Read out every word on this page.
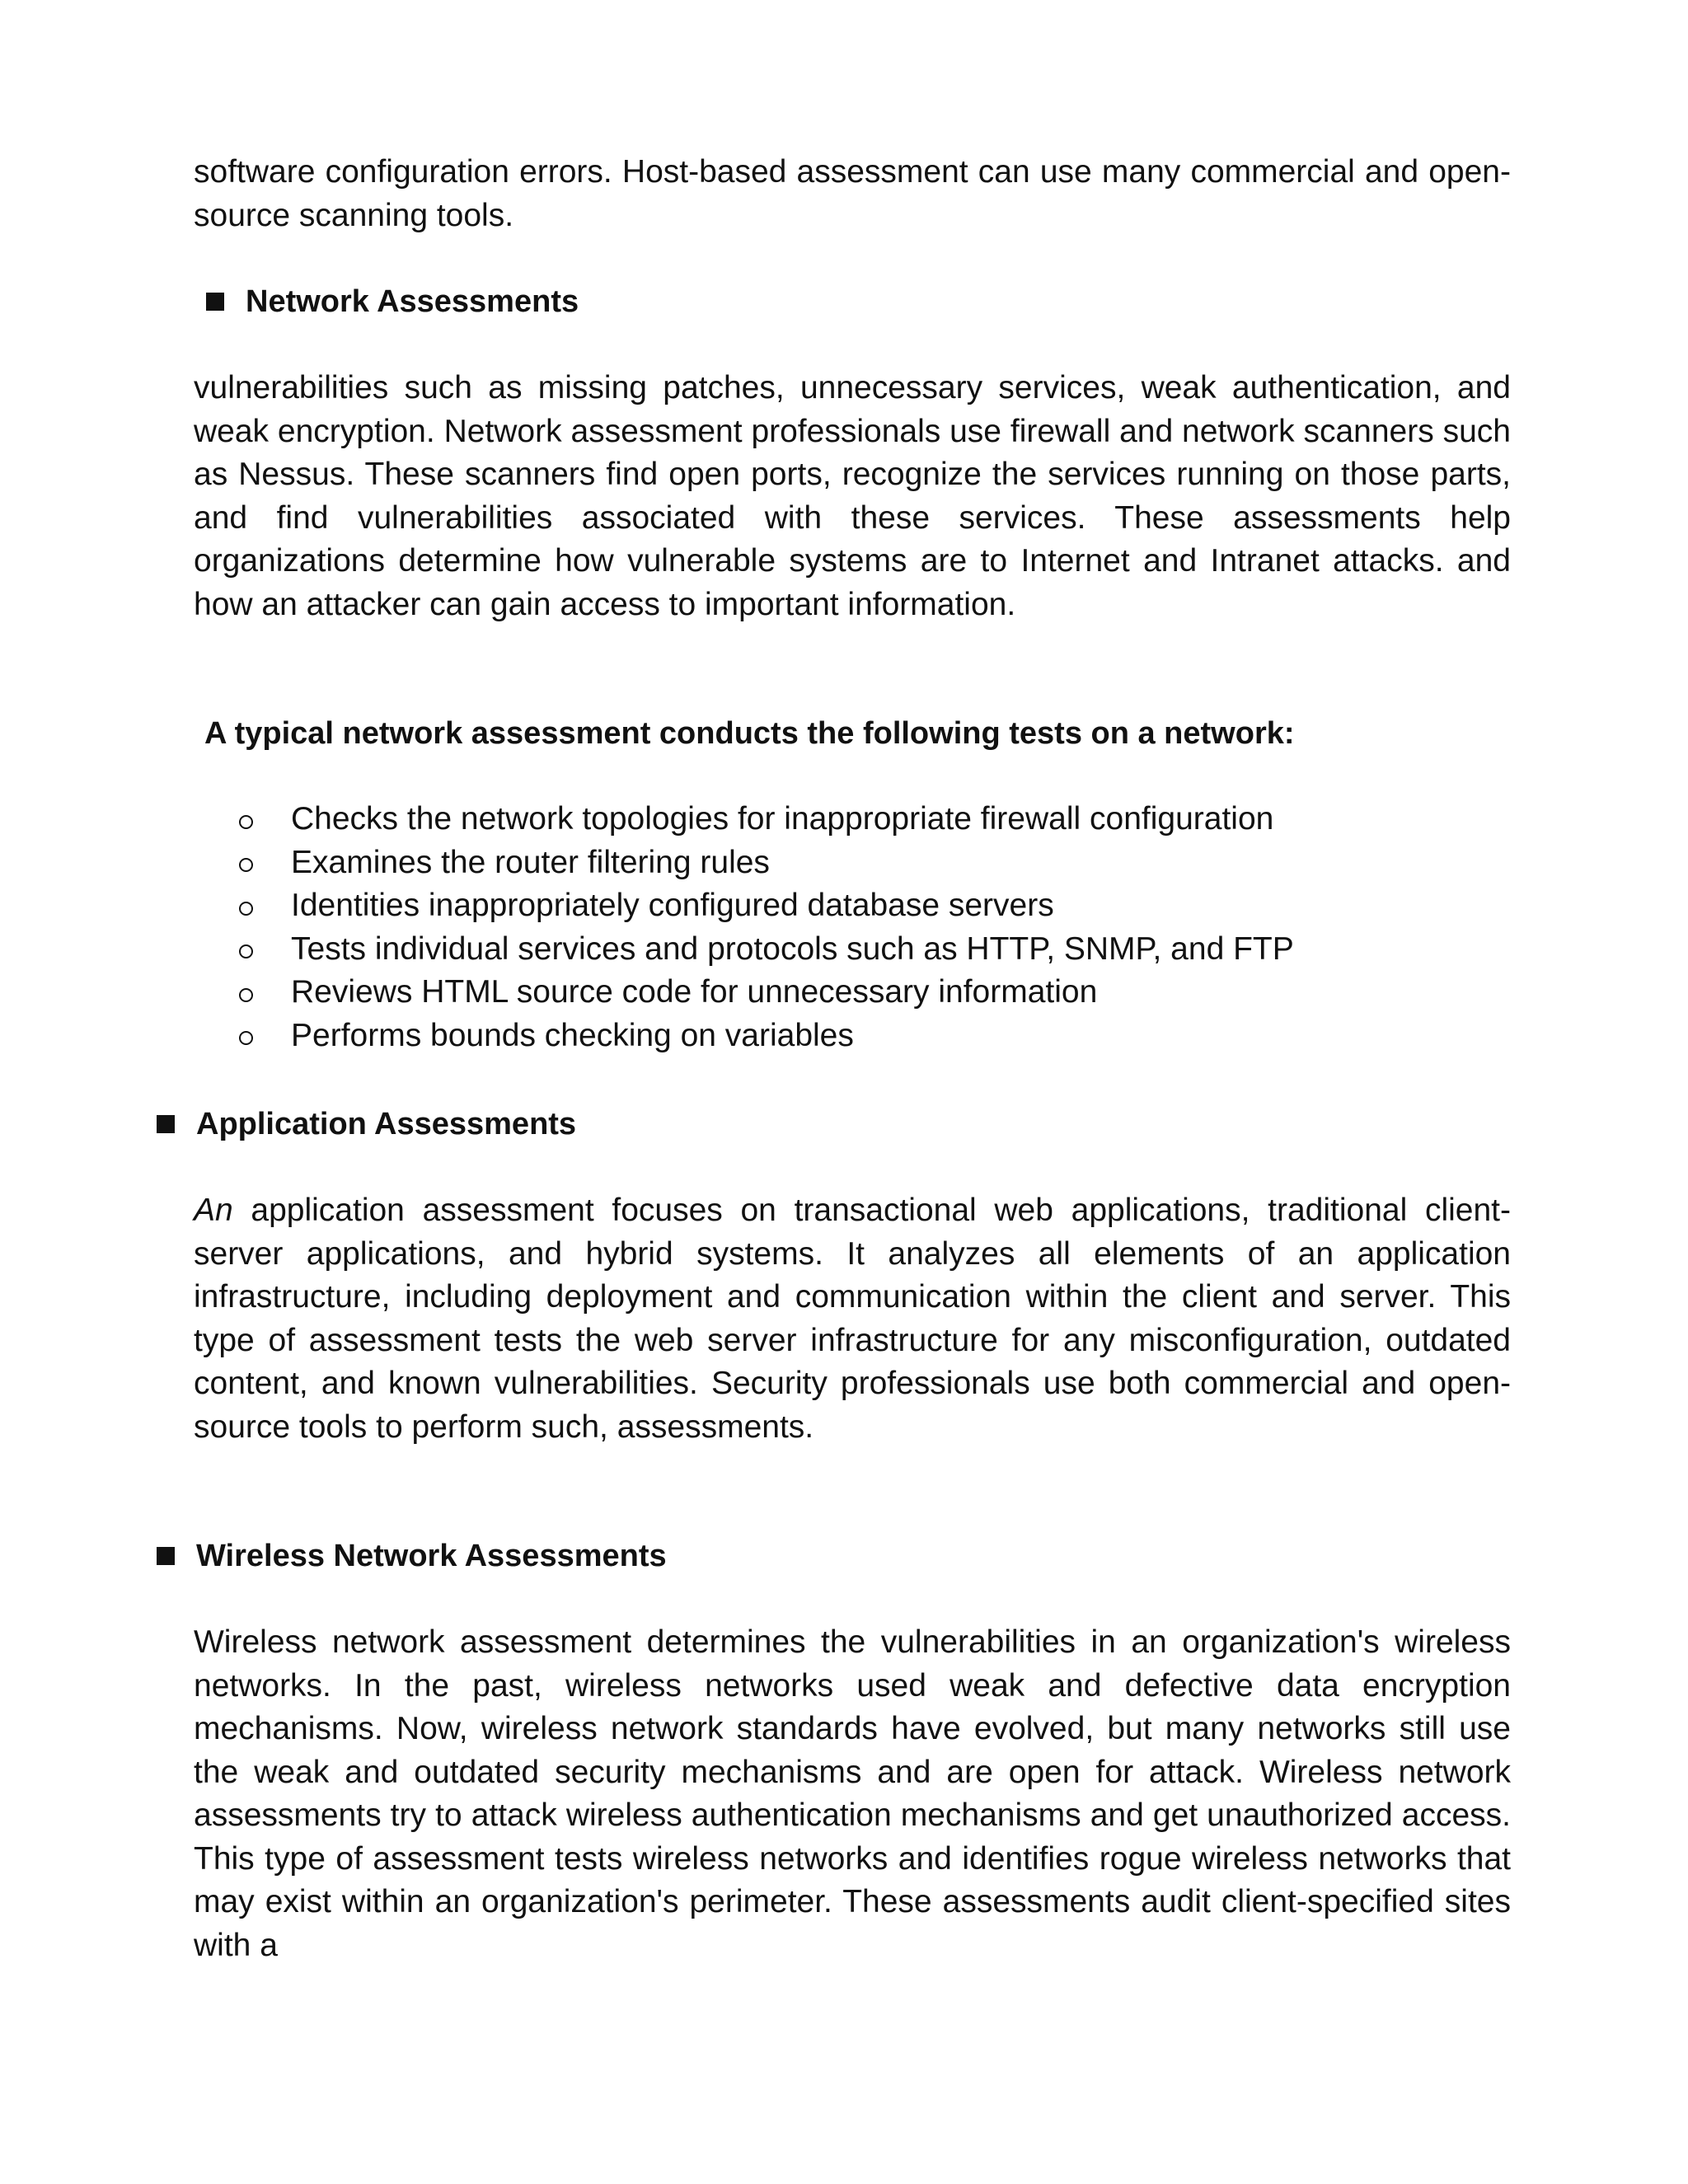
software configuration errors. Host-based assessment can use many commercial and open-source scanning tools.

Network Assessments

vulnerabilities such as missing patches, unnecessary services, weak authentication, and weak encryption. Network assessment professionals use firewall and network scanners such as Nessus. These scanners find open ports, recognize the services running on those parts, and find vulnerabilities associated with these services. These assessments help organizations determine how vulnerable systems are to Internet and Intranet attacks. and how an attacker can gain access to important information.

A typical network assessment conducts the following tests on a network:
Checks the network topologies for inappropriate firewall configuration
Examines the router filtering rules
Identities inappropriately configured database servers
Tests individual services and protocols such as HTTP, SNMP, and FTP
Reviews HTML source code for unnecessary information
Performs bounds checking on variables
Application Assessments

An application assessment focuses on transactional web applications, traditional client-server applications, and hybrid systems. It analyzes all elements of an application infrastructure, including deployment and communication within the client and server. This type of assessment tests the web server infrastructure for any misconfiguration, outdated content, and known vulnerabilities. Security professionals use both commercial and open-source tools to perform such, assessments.

Wireless Network Assessments

Wireless network assessment determines the vulnerabilities in an organization's wireless networks. In the past, wireless networks used weak and defective data encryption mechanisms. Now, wireless network standards have evolved, but many networks still use the weak and outdated security mechanisms and are open for attack. Wireless network assessments try to attack wireless authentication mechanisms and get unauthorized access. This type of assessment tests wireless networks and identifies rogue wireless networks that may exist within an organization's perimeter. These assessments audit client-specified sites with a
